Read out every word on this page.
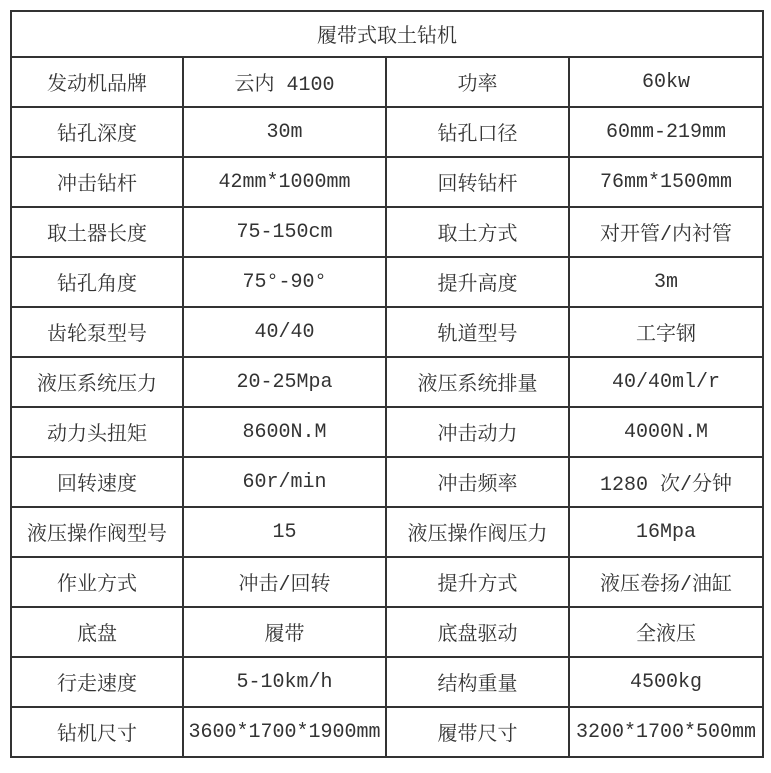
履带式取土钻机			
发动机品牌	云内 4100	功率	60kw
钻孔深度	30m	钻孔口径	60mm-219mm
冲击钻杆	42mm*1000mm	回转钻杆	76mm*1500mm
取土器长度	75-150cm	取土方式	对开管/内衬管
钻孔角度	75°-90°	提升高度	3m
齿轮泵型号	40/40	轨道型号	工字钢
液压系统压力	20-25Mpa	液压系统排量	40/40ml/r
动力头扭矩	8600N.M	冲击动力	4000N.M
回转速度	60r/min	冲击频率	1280 次/分钟
液压操作阀型号	15	液压操作阀压力	16Mpa
作业方式	冲击/回转	提升方式	液压卷扬/油缸
底盘	履带	底盘驱动	全液压
行走速度	5-10km/h	结构重量	4500kg
钻机尺寸	3600*1700*1900mm	履带尺寸	3200*1700*500mm
